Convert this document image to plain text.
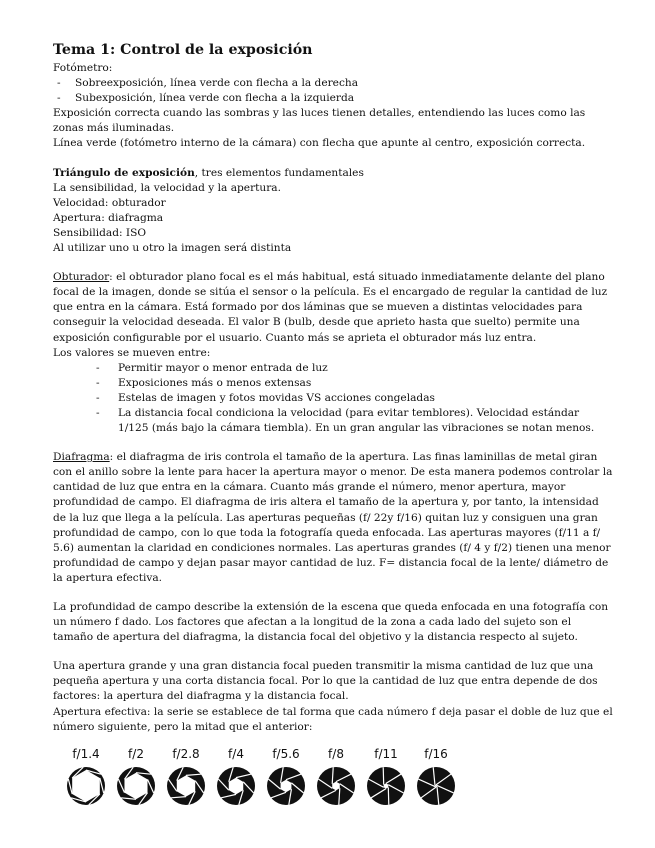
Tema 1: Control de la exposición

Fotómetro:

- Sobreexposición, línea verde con flecha a la derecha
- Subexposición, línea verde con flecha a la izquierda

Exposición correcta cuando las sombras y las luces tienen detalles, entendiendo las luces como las zonas más iluminadas.

Línea verde (fotómetro interno de la cámara) con flecha que apunte al centro, exposición correcta.

Triángulo de exposición, tres elementos fundamentales

La sensibilidad, la velocidad y la apertura.

Velocidad: obturador

Apertura: diafragma

Sensibilidad: ISO

Al utilizar uno u otro la imagen será distinta

Obturador: el obturador plano focal es el más habitual, está situado inmediatamente delante del plano focal de la imagen, donde se sitúa el sensor o la película. Es el encargado de regular la cantidad de luz que entra en la cámara. Está formado por dos láminas que se mueven a distintas velocidades para conseguir la velocidad deseada. El valor B (bulb, desde que aprieto hasta que suelto) permite una exposición configurable por el usuario. Cuanto más se aprieta el obturador más luz entra.

Los valores se mueven entre:

- Permitir mayor o menor entrada de luz
- Exposiciones más o menos extensas
- Estelas de imagen y fotos movidas VS acciones congeladas
- La distancia focal condiciona la velocidad (para evitar temblores). Velocidad estándar 1/125 (más bajo la cámara tiembla). En un gran angular las vibraciones se notan menos.

Diafragma: el diafragma de iris controla el tamaño de la apertura. Las finas laminillas de metal giran con el anillo sobre la lente para hacer la apertura mayor o menor. De esta manera podemos controlar la cantidad de luz que entra en la cámara. Cuanto más grande el número, menor apertura, mayor profundidad de campo. El diafragma de iris altera el tamaño de la apertura y, por tanto, la intensidad de la luz que llega a la película. Las aperturas pequeñas (f/ 22y f/16) quitan luz y consiguen una gran profundidad de campo, con lo que toda la fotografía queda enfocada. Las aperturas mayores (f/11 a f/ 5.6) aumentan la claridad en condiciones normales. Las aperturas grandes (f/ 4 y f/2) tienen una menor profundidad de campo y dejan pasar mayor cantidad de luz. F= distancia focal de la lente/ diámetro de la apertura efectiva.

La profundidad de campo describe la extensión de la escena que queda enfocada en una fotografía con un número f dado. Los factores que afectan a la longitud de la zona a cada lado del sujeto son el tamaño de apertura del diafragma, la distancia focal del objetivo y la distancia respecto al sujeto.

Una apertura grande y una gran distancia focal pueden transmitir la misma cantidad de luz que una pequeña apertura y una corta distancia focal. Por lo que la cantidad de luz que entra depende de dos factores: la apertura del diafragma y la distancia focal.

Apertura efectiva: la serie se establece de tal forma que cada número f deja pasar el doble de luz que el número siguiente, pero la mitad que el anterior:

f/1.4	f/2	f/2.8	f/4	f/5.6	f/8	f/11	f/16
